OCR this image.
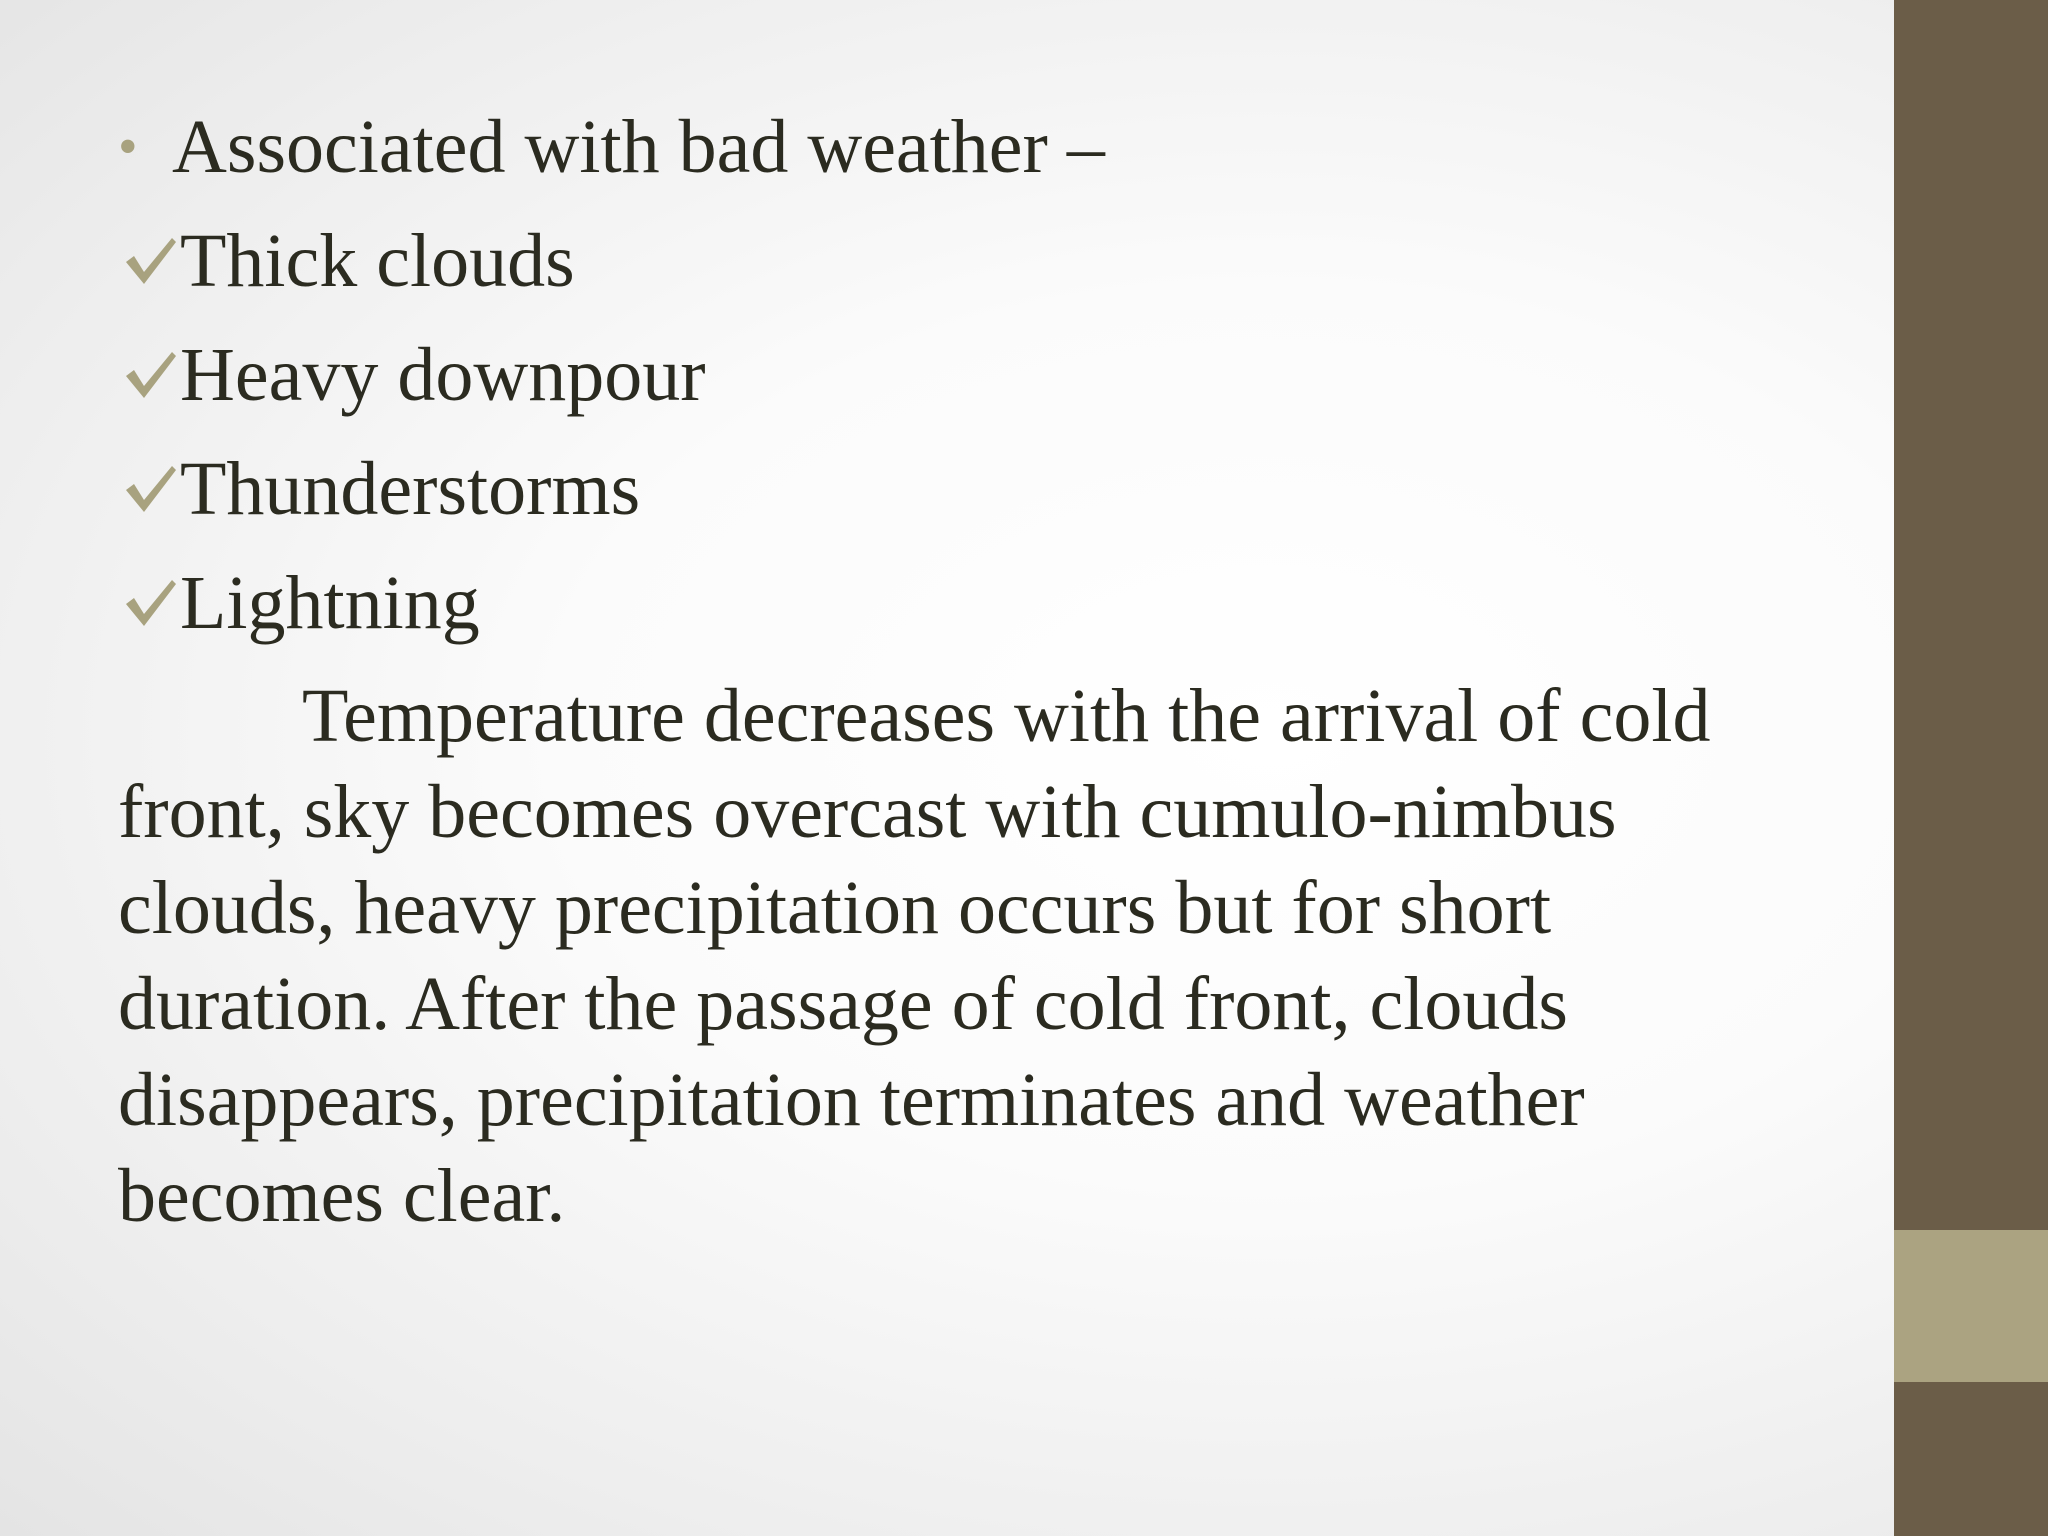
• Associated with bad weather –
Thick clouds
Heavy downpour
Thunderstorms
Lightning
Temperature decreases with the arrival of cold front, sky becomes overcast with cumulo-nimbus clouds, heavy precipitation occurs but for short duration. After the passage of cold front, clouds disappears, precipitation terminates and weather becomes clear.
